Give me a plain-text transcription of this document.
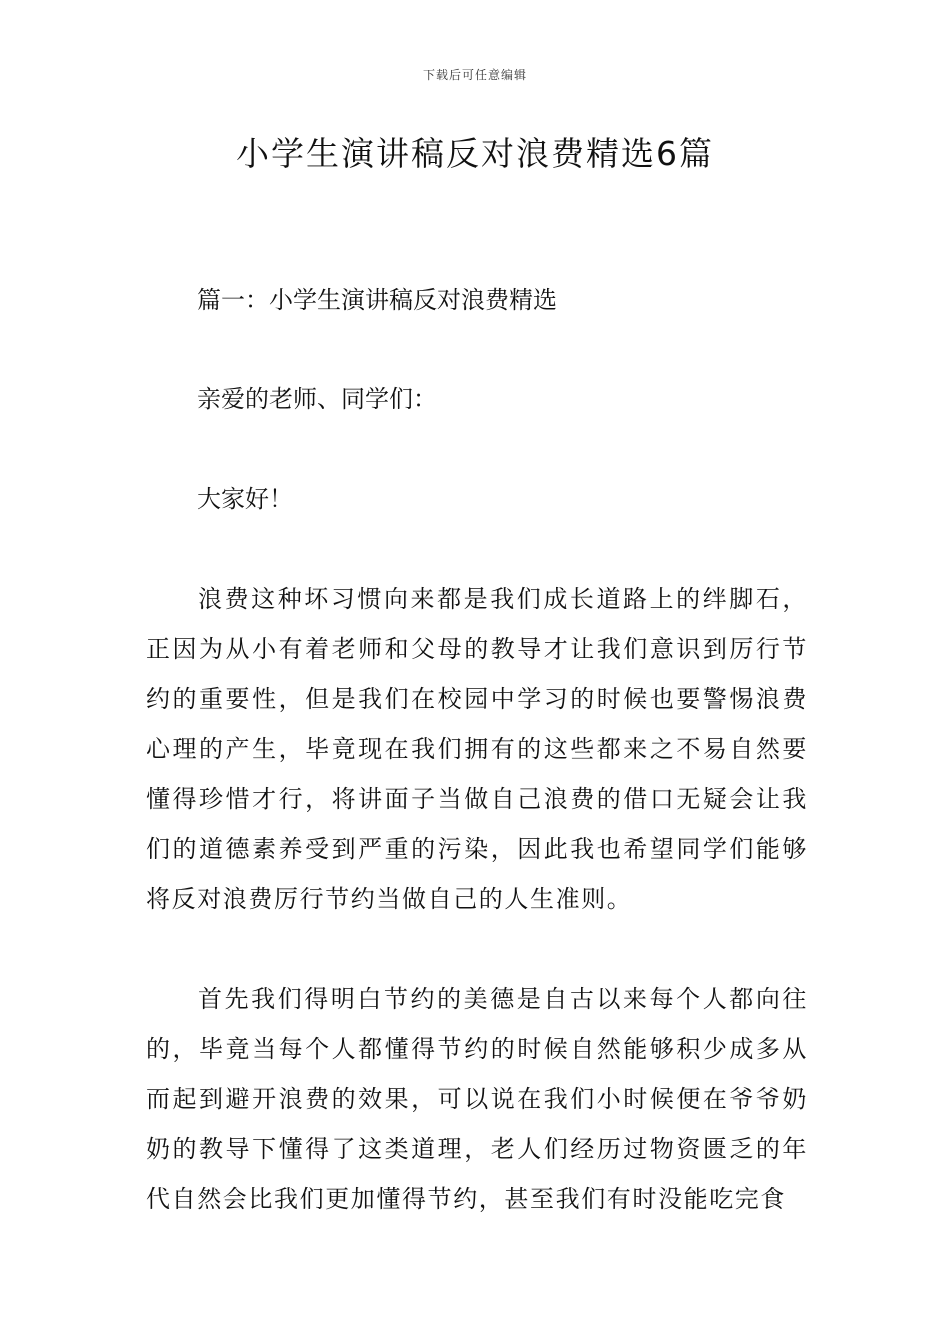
下载后可任意编辑
小学生演讲稿反对浪费精选6篇
篇一：小学生演讲稿反对浪费精选
亲爱的老师、同学们：
大家好！

浪费这种坏习惯向来都是我们成长道路上的绊脚石，正因为从小有着老师和父母的教导才让我们意识到厉行节约的重要性，但是我们在校园中学习的时候也要警惕浪费心理的产生，毕竟现在我们拥有的这些都来之不易自然要懂得珍惜才行，将讲面子当做自己浪费的借口无疑会让我们的道德素养受到严重的污染，因此我也希望同学们能够将反对浪费厉行节约当做自己的人生准则。

首先我们得明白节约的美德是自古以来每个人都向往的，毕竟当每个人都懂得节约的时候自然能够积少成多从而起到避开浪费的效果，可以说在我们小时候便在爷爷奶奶的教导下懂得了这类道理，老人们经历过物资匮乏的年代自然会比我们更加懂得节约，甚至我们有时没能吃完食
